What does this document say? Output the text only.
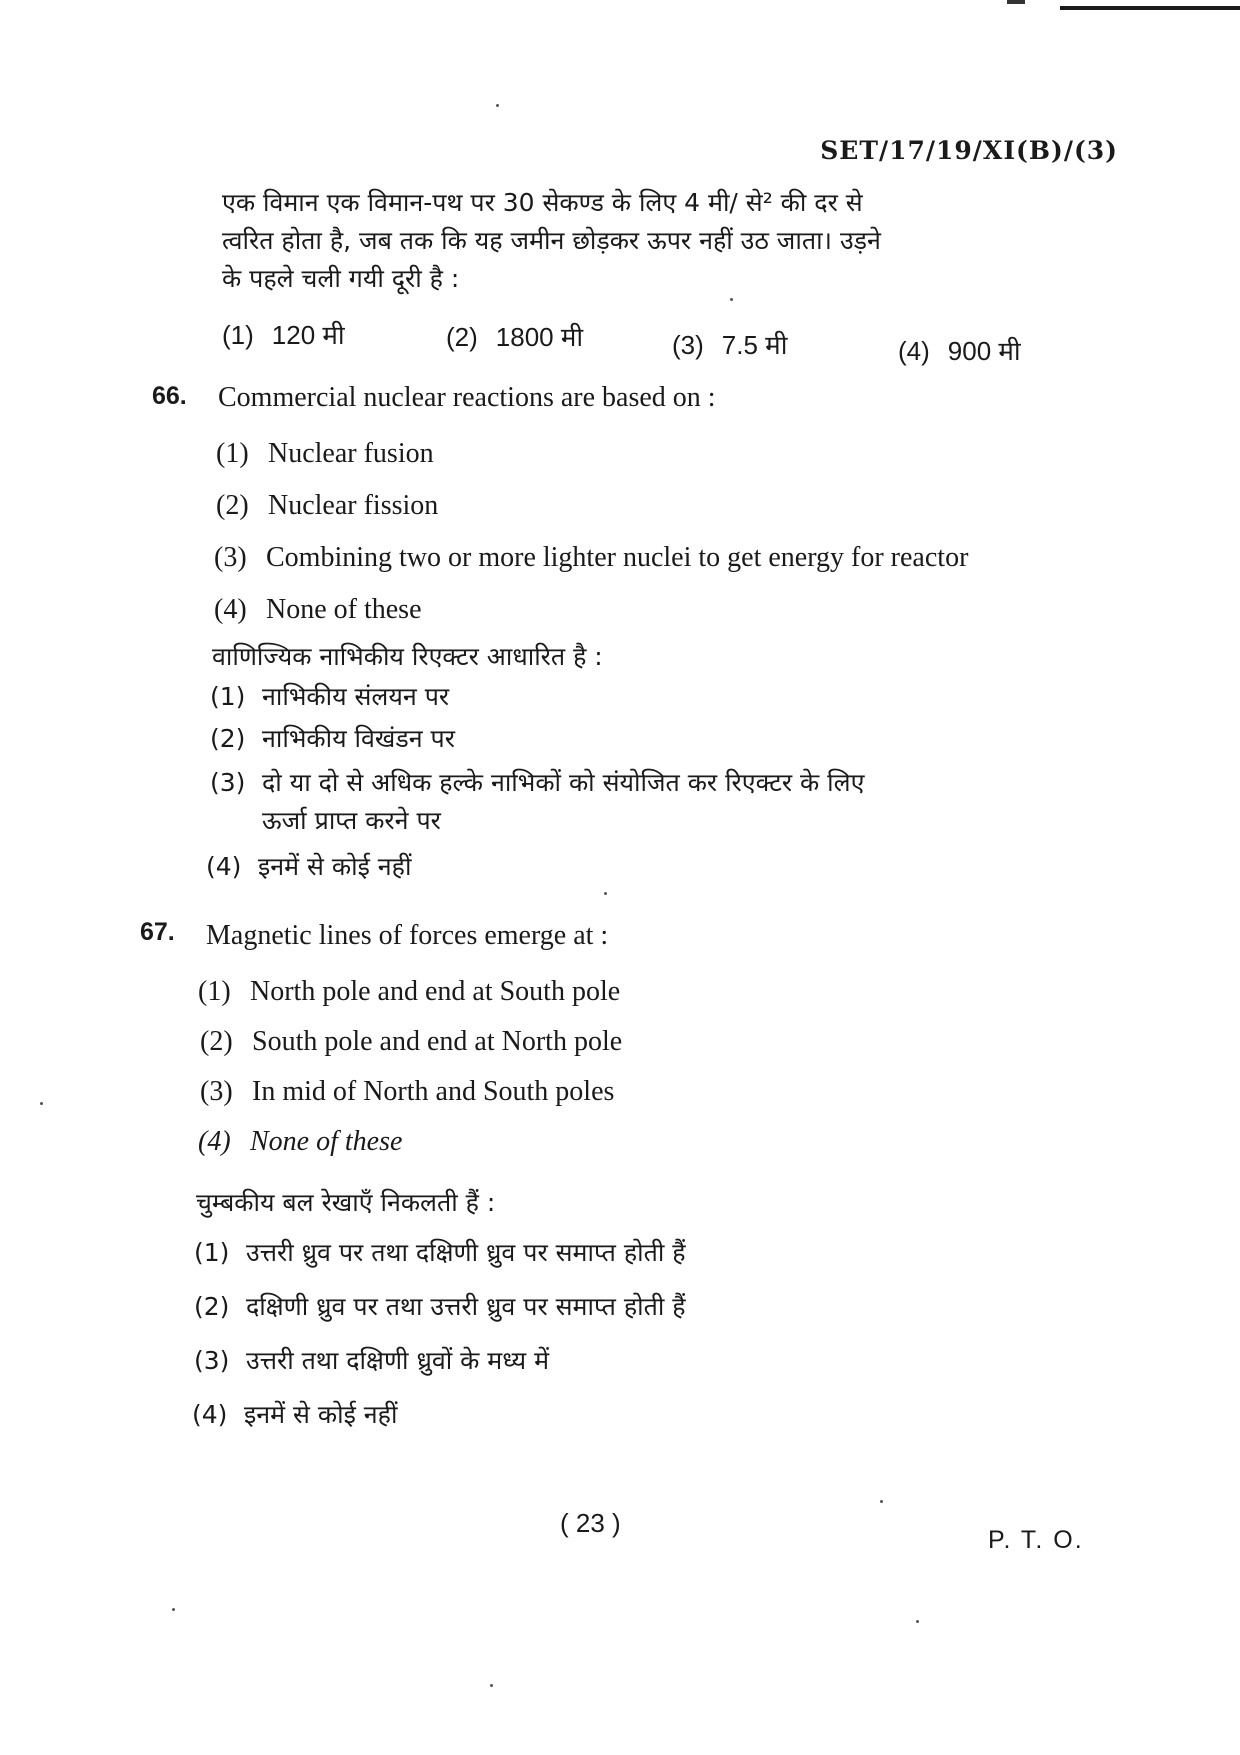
SET/17/19/XI(B)/(3)
एक विमान एक विमान-पथ पर 30 सेकण्ड के लिए 4 मी/ से² की दर से
त्वरित होता है, जब तक कि यह जमीन छोड़कर ऊपर नहीं उठ जाता। उड़ने
के पहले चली गयी दूरी है :
(1) 120 मी	(2) 1800 मी	(3) 7.5 मी	(4) 900 मी
66. Commercial nuclear reactions are based on :
(1) Nuclear fusion
(2) Nuclear fission
(3) Combining two or more lighter nuclei to get energy for reactor
(4) None of these
वाणिज्यिक नाभिकीय रिएक्टर आधारित है :
(1) नाभिकीय संलयन पर
(2) नाभिकीय विखंडन पर
(3) दो या दो से अधिक हल्के नाभिकों को संयोजित कर रिएक्टर के लिए
ऊर्जा प्राप्त करने पर
(4) इनमें से कोई नहीं
67. Magnetic lines of forces emerge at :
(1) North pole and end at South pole
(2) South pole and end at North pole
(3) In mid of North and South poles
(4) None of these
चुम्बकीय बल रेखाएँ निकलती हैं :
(1) उत्तरी ध्रुव पर तथा दक्षिणी ध्रुव पर समाप्त होती हैं
(2) दक्षिणी ध्रुव पर तथा उत्तरी ध्रुव पर समाप्त होती हैं
(3) उत्तरी तथा दक्षिणी ध्रुवों के मध्य में
(4) इनमें से कोई नहीं
( 23 )
P. T. O.
